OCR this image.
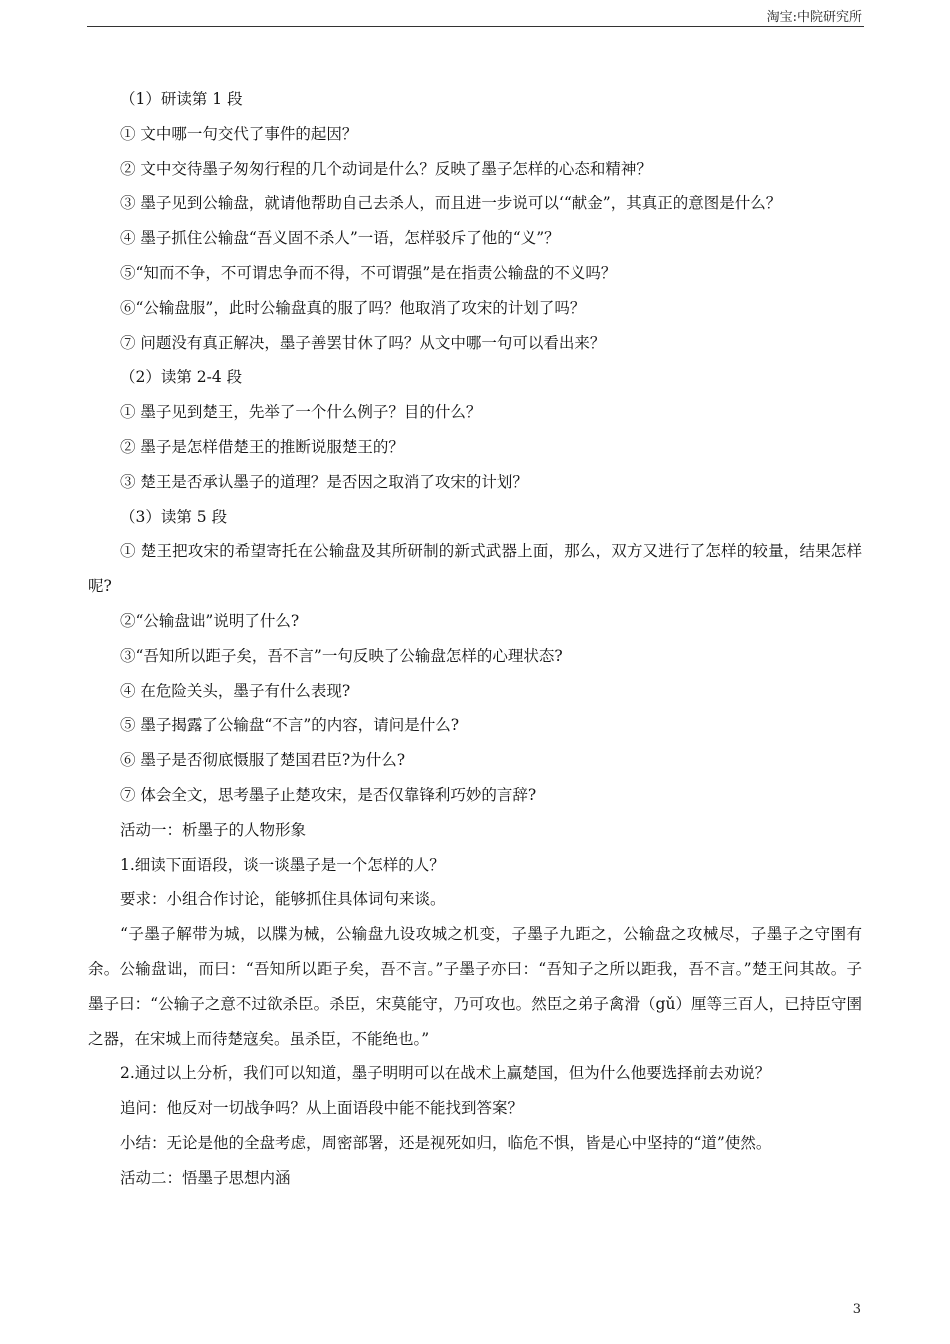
淘宝:中院研究所
（1）研读第 1 段
① 文中哪一句交代了事件的起因？
② 文中交待墨子匆匆行程的几个动词是什么？反映了墨子怎样的心态和精神？
③ 墨子见到公输盘，就请他帮助自己去杀人，而且进一步说可以‘“献金”，其真正的意图是什么？
④ 墨子抓住公输盘“吾义固不杀人”一语，怎样驳斥了他的“义”？
⑤“知而不争，不可谓忠争而不得，不可谓强”是在指责公输盘的不义吗？
⑥“公输盘服”，此时公输盘真的服了吗？他取消了攻宋的计划了吗？
⑦ 问题没有真正解决，墨子善罢甘休了吗？从文中哪一句可以看出来？
（2）读第 2-4 段
① 墨子见到楚王，先举了一个什么例子？目的什么？
② 墨子是怎样借楚王的推断说服楚王的？
③ 楚王是否承认墨子的道理？是否因之取消了攻宋的计划？
（3）读第 5 段
① 楚王把攻宋的希望寄托在公输盘及其所研制的新式武器上面，那么，双方又进行了怎样的较量，结果怎样呢?
②“公输盘诎”说明了什么?
③“吾知所以距子矣，吾不言”一句反映了公输盘怎样的心理状态?
④ 在危险关头，墨子有什么表现?
⑤ 墨子揭露了公输盘“不言”的内容，请问是什么?
⑥ 墨子是否彻底慑服了楚国君臣?为什么?
⑦ 体会全文，思考墨子止楚攻宋，是否仅靠锋利巧妙的言辞?
活动一：析墨子的人物形象
1.细读下面语段，谈一谈墨子是一个怎样的人？
要求：小组合作讨论，能够抓住具体词句来谈。
“子墨子解带为城，以牒为械，公输盘九设攻城之机变，子墨子九距之，公输盘之攻械尽，子墨子之守圉有余。公输盘诎，而曰：“吾知所以距子矣，吾不言。”子墨子亦曰：“吾知子之所以距我，吾不言。”楚王问其故。子墨子曰：“公输子之意不过欲杀臣。杀臣，宋莫能守，乃可攻也。然臣之弟子禽滑（gǔ）厘等三百人，已持臣守圉之器，在宋城上而待楚寇矣。虽杀臣，不能绝也。”
2.通过以上分析，我们可以知道，墨子明明可以在战术上赢楚国，但为什么他要选择前去劝说？
追问：他反对一切战争吗？从上面语段中能不能找到答案？
小结：无论是他的全盘考虑，周密部署，还是视死如归，临危不惧，皆是心中坚持的“道”使然。
活动二：悟墨子思想内涵
3
